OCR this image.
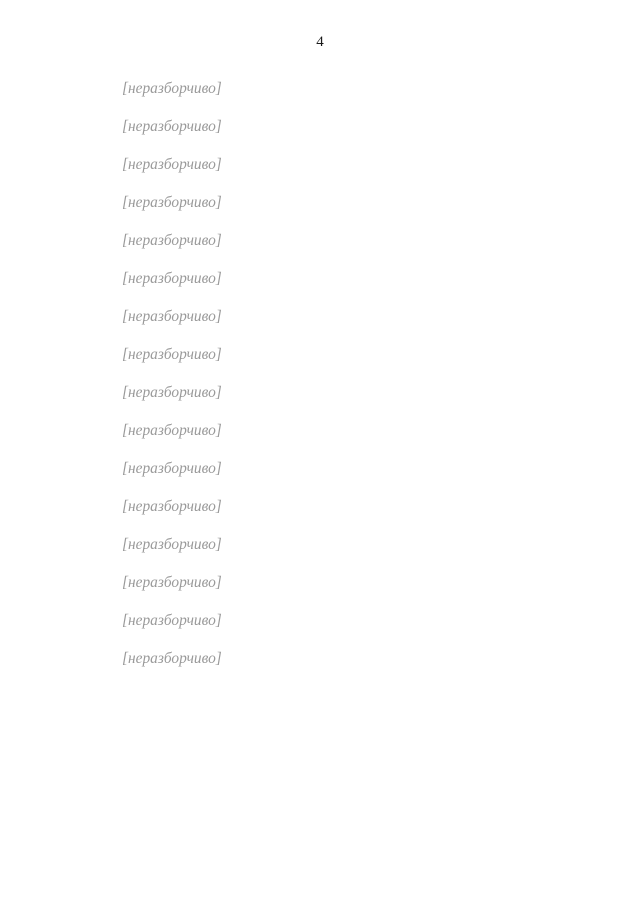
4

[неразборчиво]

[неразборчиво]

[неразборчиво]

[неразборчиво]

[неразборчиво]

[неразборчиво]

[неразборчиво]

[неразборчиво]

[неразборчиво]

[неразборчиво]

[неразборчиво]

[неразборчиво]

[неразборчиво]

[неразборчиво]

[неразборчиво]

[неразборчиво]
